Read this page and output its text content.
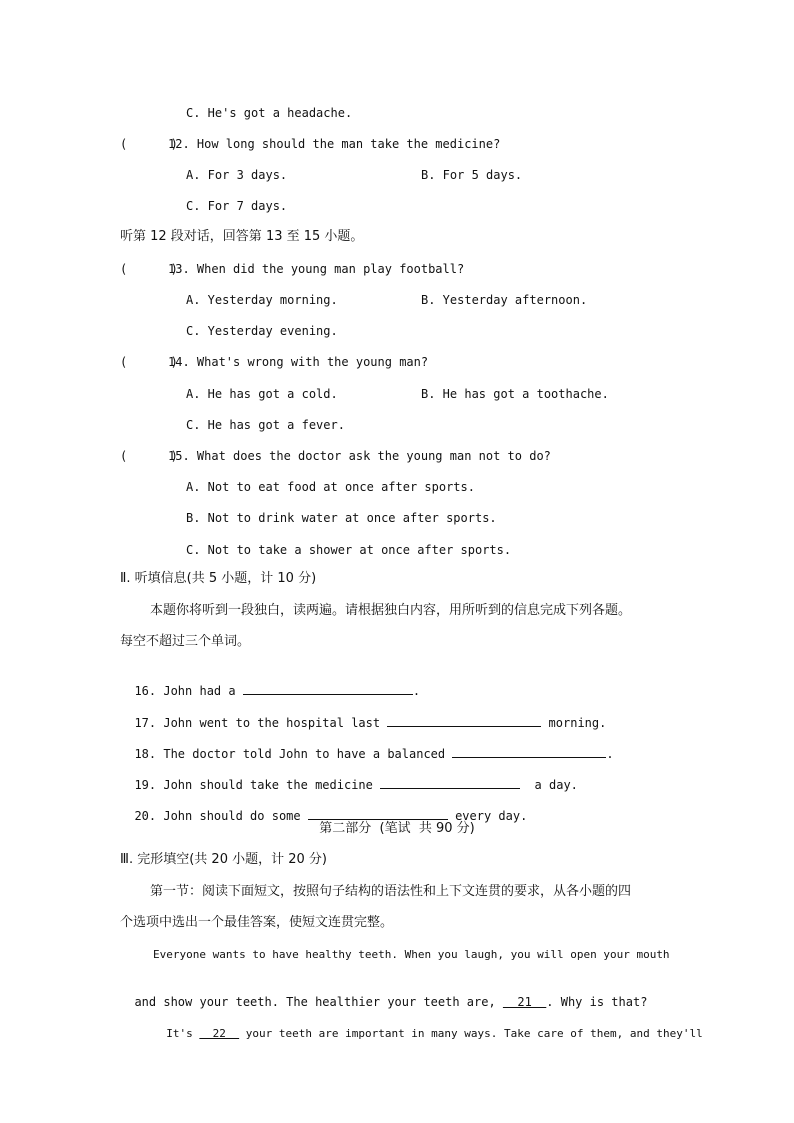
C. He's got a headache.
(      )
12. How long should the man take the medicine?
A. For 3 days.	B. For 5 days.
C. For 7 days.
听第 12 段对话，回答第 13 至 15 小题。
(      )
13. When did the young man play football?
A. Yesterday morning.	B. Yesterday afternoon.
C. Yesterday evening.
(      )
14. What's wrong with the young man?
A. He has got a cold.	B. He has got a toothache.
C. He has got a fever.
(      )
15. What does the doctor ask the young man not to do?
A. Not to eat food at once after sports.
B. Not to drink water at once after sports.
C. Not to take a shower at once after sports.
Ⅱ. 听填信息(共 5 小题，计 10 分)
本题你将听到一段独白，读两遍。请根据独白内容，用所听到的信息完成下列各题。
每空不超过三个单词。

16. John had a	.

17. John went to the hospital last	morning.

18. The doctor told John to have a balanced	.

19. John should take the medicine	a day.

20. John should do some	every day.

第二部分  (笔试  共 90 分)
Ⅲ. 完形填空(共 20 小题，计 20 分)
第一节：阅读下面短文，按照句子结构的语法性和上下文连贯的要求，从各小题的四
个选项中选出一个最佳答案，使短文连贯完整。
Everyone wants to have healthy teeth. When you laugh, you will open your mouth

and show your teeth. The healthier your teeth are,   21  . Why is that?

It's   22   your teeth are important in many ways. Take care of them, and they'll
